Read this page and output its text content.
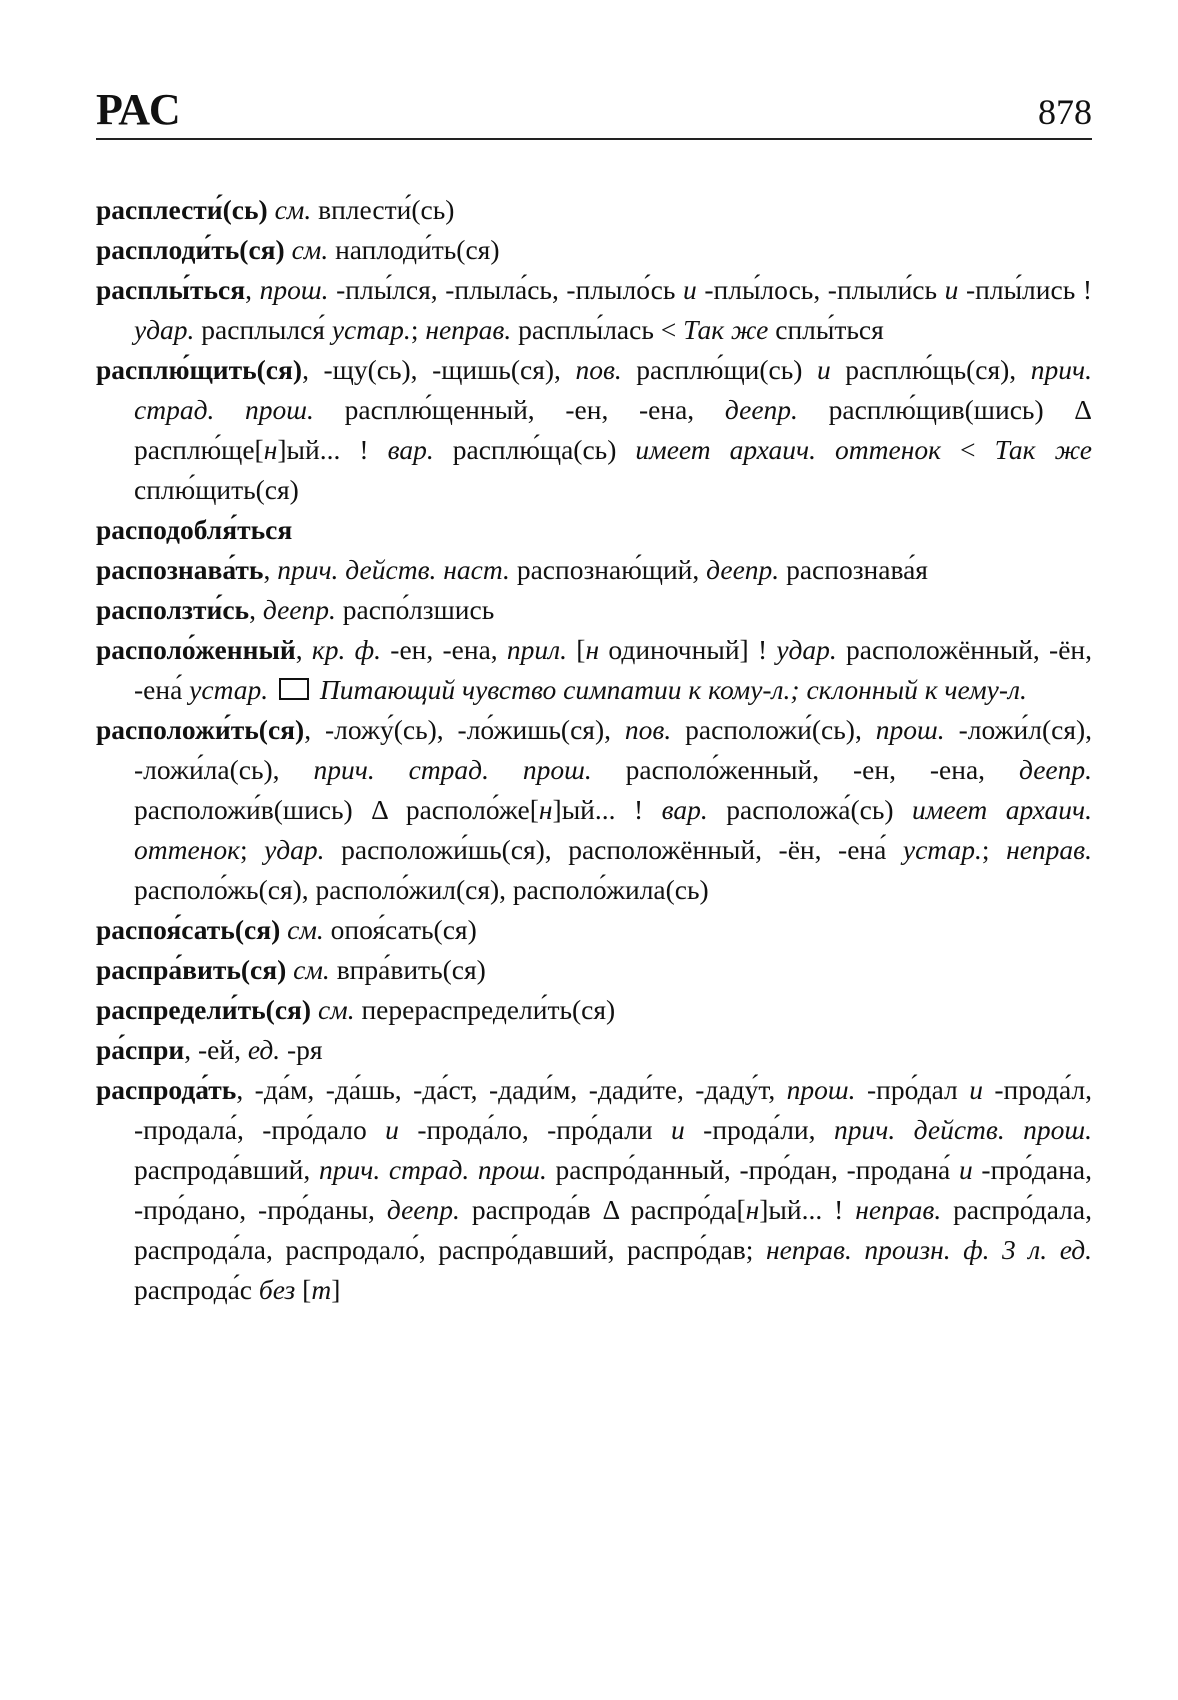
РАС	878

расплести́(сь) см. вплести́(сь)

расплоди́ть(ся) см. наплоди́ть(ся)

расплы́ться, прош. -плы́лся, -плыла́сь, -плыло́сь и -плы́лось, -плыли́сь и -плы́лись ! удар. расплылся́ устар.; неправ. расплы́лась < Так же сплы́ться

расплю́щить(ся), -щу(сь), -щишь(ся), пов. расплю́щи(сь) и расплю́щь(ся), прич. страд. прош. расплю́щенный, -ен, -ена, деепр. расплю́щив(шись) Δ расплю́ще[н]ый... ! вар. расплю́ща(сь) имеет архаич. оттенок < Так же сплю́щить(ся)

расподобля́ться

распознава́ть, прич. действ. наст. распознаю́щий, деепр. распознава́я

расползти́сь, деепр. распо́лзшись

располо́женный, кр. ф. -ен, -ена, прил. [н одиночный] ! удар. расположённый, -ён, -ена́ устар. Питающий чувство симпатии к кому-л.; склонный к чему-л.

расположи́ть(ся), -ложу́(сь), -ло́жишь(ся), пов. расположи́(сь), прош. -ложи́л(ся), -ложи́ла(сь), прич. страд. прош. располо́женный, -ен, -ена, деепр. расположи́в(шись) Δ располо́же[н]ый... ! вар. расположа́(сь) имеет архаич. оттенок; удар. расположи́шь(ся), расположённый, -ён, -ена́ устар.; неправ. располо́жь(ся), располо́жил(ся), располо́жила(сь)

распоя́сать(ся) см. опоя́сать(ся)

распра́вить(ся) см. впра́вить(ся)

распредели́ть(ся) см. перераспредели́ть(ся)

ра́спри, -ей, ед. -ря

распрода́ть, -да́м, -да́шь, -да́ст, -дади́м, -дади́те, -даду́т, прош. -про́дал и -прода́л, -продала́, -про́дало и -прода́ло, -про́дали и -прода́ли, прич. действ. прош. распрода́вший, прич. страд. прош. распро́данный, -про́дан, -продана́ и -про́дана, -про́дано, -про́даны, деепр. распрода́в Δ распро́да[н]ый... ! неправ. распро́дала, распрода́ла, распродало́, распро́давший, распро́дав; неправ. произн. ф. 3 л. ед. распрода́с без [т]
